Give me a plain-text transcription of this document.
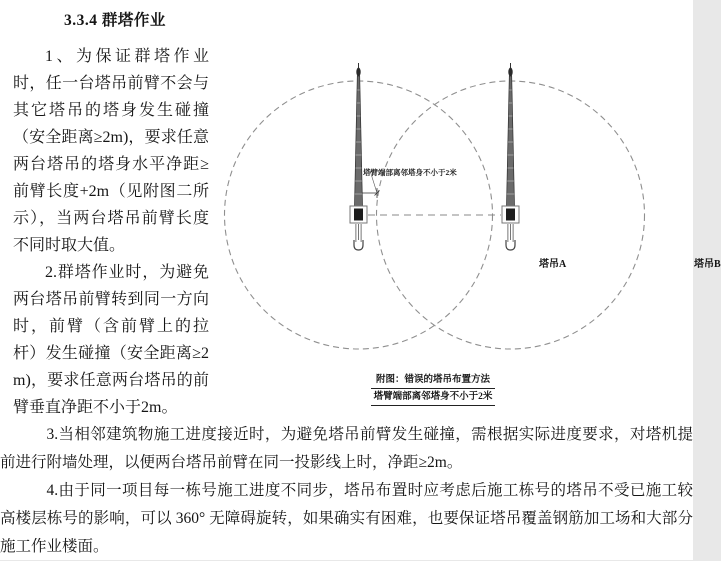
3.3.4 群塔作业

1、为保证群塔作业时，任一台塔吊前臂不会与其它塔吊的塔身发生碰撞（安全距离≥2m)，要求任意两台塔吊的塔身水平净距≥前臂长度+2m（见附图二所示），当两台塔吊前臂长度不同时取大值。

2.群塔作业时，为避免两台塔吊前臂转到同一方向时，前臂（含前臂上的拉杆）发生碰撞（安全距离≥2m)，要求任意两台塔吊的前臂垂直净距不小于2m。

塔臂端部离邻塔身不小于2米
塔吊A	塔吊B
附图：错误的塔吊布置方法
塔臂端部离邻塔身不小于2米

3.当相邻建筑物施工进度接近时，为避免塔吊前臂发生碰撞，需根据实际进度要求，对塔机提前进行附墙处理，以便两台塔吊前臂在同一投影线上时，净距≥2m。

4.由于同一项目每一栋号施工进度不同步，塔吊布置时应考虑后施工栋号的塔吊不受已施工较高楼层栋号的影响，可以 360° 无障碍旋转，如果确实有困难，也要保证塔吊覆盖钢筋加工场和大部分施工作业楼面。
